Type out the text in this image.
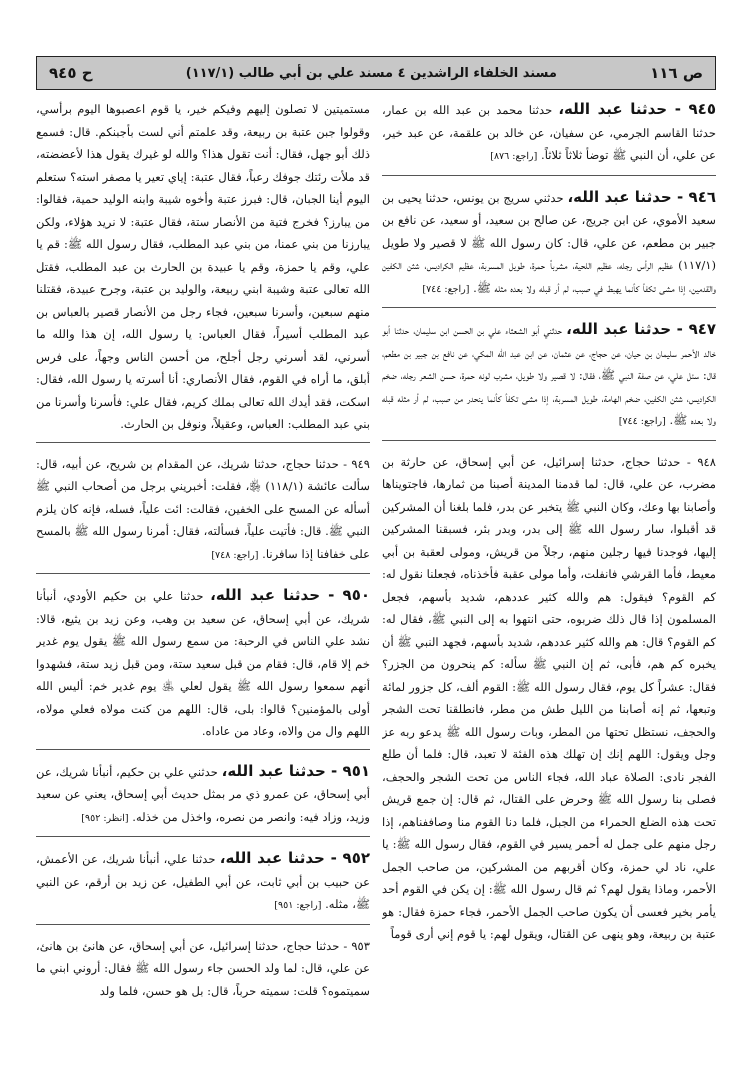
ح ٩٤٥	مسند الخلفاء الراشدين ٤ مسند علي بن أبي طالب (١١٧/١)	ص ١١٦

٩٤٥ - حدثنا عبد الله، حدثنا محمد بن عبد الله بن عمار، حدثنا القاسم الجرمي، عن سفيان، عن خالد بن علقمة، عن عبد خير، عن علي، أن النبي ﷺ توضأ ثلاثاً ثلاثاً. [راجع: ٨٧٦]

٩٤٦ - حدثنا عبد الله، حدثني سريج بن يونس، حدثنا يحيى بن سعيد الأموي، عن ابن جريج، عن صالح بن سعيد، أو سعيد، عن نافع بن جبير بن مطعم، عن علي، قال: كان رسول الله ﷺ لا قصير ولا طويل (١١٧/١) عظيم الرأس رجله، عظيم اللحية، مشرباً حمرة، طويل المسربة، عظيم الكراديس، شثن الكفين والقدمين، إذا مشى تكفأ كأنما يهبط في صبب، لم أر قبله ولا بعده مثله ﷺ. [راجع: ٧٤٤]

٩٤٧ - حدثنا عبد الله، حدثني أبو الشعثاء علي بن الحسن ابن سليمان، حدثنا أبو خالد الأحمر سليمان بن حيان، عن حجاج، عن عثمان، عن ابن عبد الله المكي، عن نافع بن جبير بن مطعم، قال: سئل علي، عن صفة النبي ﷺ، فقال: لا قصير ولا طويل، مشرب لونه حمرة، حسن الشعر رجله، ضخم الكراديس، شثن الكفين، ضخم الهامة، طويل المسربة، إذا مشى تكفأ كأنما ينحدر من صبب، لم أر مثله قبله ولا بعده ﷺ. [راجع: ٧٤٤]

٩٤٨ - حدثنا حجاج، حدثنا إسرائيل، عن أبي إسحاق، عن حارثة بن مضرب، عن علي، قال: لما قدمنا المدينة أصبنا من ثمارها، فاجتويناها وأصابنا بها وعك، وكان النبي ﷺ يتخبر عن بدر، فلما بلغنا أن المشركين قد أقبلوا، سار رسول الله ﷺ إلى بدر، وبدر بئر، فسبقنا المشركين إليها، فوجدنا فيها رجلين منهم، رجلاً من قريش، ومولى لعقبة بن أبي معيط، فأما القرشي فانفلت، وأما مولى عقبة فأخذناه، فجعلنا نقول له: كم القوم؟ فيقول: هم والله كثير عددهم، شديد بأسهم، فجعل المسلمون إذا قال ذلك ضربوه، حتى انتهوا به إلى النبي ﷺ، فقال له: كم القوم؟ قال: هم والله كثير عددهم، شديد بأسهم، فجهد النبي ﷺ أن يخبره كم هم، فأبى، ثم إن النبي ﷺ سأله: كم ينحرون من الجزر؟ فقال: عشراً كل يوم، فقال رسول الله ﷺ: القوم ألف، كل جزور لمائة وتبعها، ثم إنه أصابنا من الليل طش من مطر، فانطلقنا تحت الشجر والحجف، نستظل تحتها من المطر، وبات رسول الله ﷺ يدعو ربه عز وجل ويقول: اللهم إنك إن تهلك هذه الفئة لا تعبد، قال: فلما أن طلع الفجر نادى: الصلاة عباد الله، فجاء الناس من تحت الشجر والحجف، فصلى بنا رسول الله ﷺ وحرض على القتال، ثم قال: إن جمع قريش تحت هذه الضلع الحمراء من الجبل، فلما دنا القوم منا وصاففناهم، إذا رجل منهم على جمل له أحمر يسير في القوم، فقال رسول الله ﷺ: يا علي، ناد لي حمزة، وكان أقربهم من المشركين، من صاحب الجمل الأحمر، وماذا يقول لهم؟ ثم قال رسول الله ﷺ: إن يكن في القوم أحد يأمر بخير فعسى أن يكون صاحب الجمل الأحمر، فجاء حمزة فقال: هو عتبة بن ربيعة، وهو ينهى عن القتال، ويقول لهم: يا قوم إني أرى قوماً

مستميتين لا تصلون إليهم وفيكم خير، يا قوم اعصبوها اليوم برأسي، وقولوا جبن عتبة بن ربيعة، وقد علمتم أني لست بأجبنكم. قال: فسمع ذلك أبو جهل، فقال: أنت تقول هذا؟ والله لو غيرك يقول هذا لأعضضته، قد ملأت رئتك جوفك رعباً، فقال عتبة: إياي تعير يا مصفر استه؟ ستعلم اليوم أينا الجبان، قال: فبرز عتبة وأخوه شيبة وابنه الوليد حمية، فقالوا: من يبارز؟ فخرج فتية من الأنصار ستة، فقال عتبة: لا نريد هؤلاء، ولكن يبارزنا من بني عمنا، من بني عبد المطلب، فقال رسول الله ﷺ: قم يا علي، وقم يا حمزة، وقم يا عبيدة بن الحارث بن عبد المطلب، فقتل الله تعالى عتبة وشيبة ابني ربيعة، والوليد بن عتبة، وجرح عبيدة، فقتلنا منهم سبعين، وأسرنا سبعين، فجاء رجل من الأنصار قصير بالعباس بن عبد المطلب أسيراً، فقال العباس: يا رسول الله، إن هذا والله ما أسرني، لقد أسرني رجل أجلح، من أحسن الناس وجهاً، على فرس أبلق، ما أراه في القوم، فقال الأنصاري: أنا أسرته يا رسول الله، فقال: اسكت، فقد أيدك الله تعالى بملك كريم، فقال علي: فأسرنا وأسرنا من بني عبد المطلب: العباس، وعقيلاً، ونوفل بن الحارث.

٩٤٩ - حدثنا حجاج، حدثنا شريك، عن المقدام بن شريح، عن أبيه، قال: سألت عائشة (١١٨/١) ﵂، فقلت: أخبريني برجل من أصحاب النبي ﷺ أسأله عن المسح على الخفين، فقالت: ائت علياً، فسله، فإنه كان يلزم النبي ﷺ. قال: فأتيت علياً، فسألته، فقال: أمرنا رسول الله ﷺ بالمسح على خفافنا إذا سافرنا. [راجع: ٧٤٨]

٩٥٠ - حدثنا عبد الله، حدثنا علي بن حكيم الأودي، أنبأنا شريك، عن أبي إسحاق، عن سعيد بن وهب، وعن زيد بن يثيع، قالا: نشد علي الناس في الرحبة: من سمع رسول الله ﷺ يقول يوم غدير خم إلا قام، قال: فقام من قبل سعيد ستة، ومن قبل زيد ستة، فشهدوا أنهم سمعوا رسول الله ﷺ يقول لعلي ﵁ يوم غدير خم: أليس الله أولى بالمؤمنين؟ قالوا: بلى، قال: اللهم من كنت مولاه فعلي مولاه، اللهم وال من والاه، وعاد من عاداه.

٩٥١ - حدثنا عبد الله، حدثني علي بن حكيم، أنبأنا شريك، عن أبي إسحاق، عن عمرو ذي مر بمثل حديث أبي إسحاق، يعني عن سعيد وزيد، وزاد فيه: وانصر من نصره، واخذل من خذله. [انظر: ٩٥٢]

٩٥٢ - حدثنا عبد الله، حدثنا علي، أنبأنا شريك، عن الأعمش، عن حبيب بن أبي ثابت، عن أبي الطفيل، عن زيد بن أرقم، عن النبي ﷺ، مثله. [راجع: ٩٥١]

٩٥٣ - حدثنا حجاج، حدثنا إسرائيل، عن أبي إسحاق، عن هانئ بن هانئ، عن علي، قال: لما ولد الحسن جاء رسول الله ﷺ فقال: أروني ابني ما سميتموه؟ قلت: سميته حرباً، قال: بل هو حسن، فلما ولد
